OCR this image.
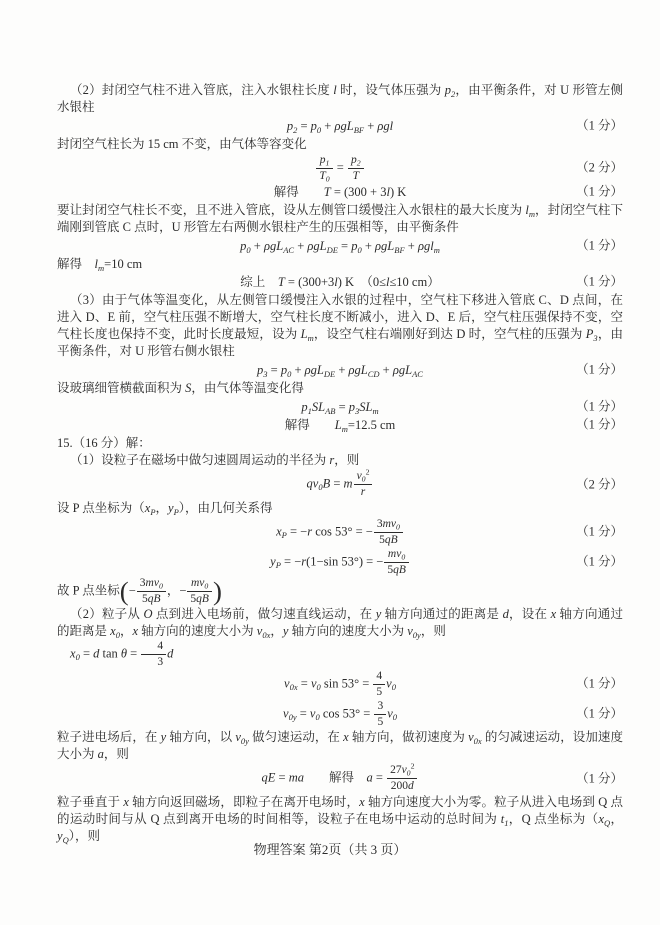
（2）封闭空气柱不进入管底，注入水银柱长度 l 时，设气体压强为 $p_2$，由平衡条件，对 U 形管左侧水银柱
$p_2 = p_0 + \rho gL_{BF} + \rho gl$	（1 分）
封闭空气柱长为 15 cm 不变，由气体等容变化
$\frac{p_1}{T_0} = \frac{p_2}{T}$	（2 分）
解得　　T = (300 + 3l) K	（1 分）
要让封闭空气柱长不变，且不进入管底，设从左侧管口缓慢注入水银柱的最大长度为 $l_m$，封闭空气柱下端刚到管底 C 点时，U 形管左右两侧水银柱产生的压强相等，由平衡条件
$p_0 + \rho gL_{AC} + \rho gL_{DE} = p_0 + \rho gL_{BF} + \rho gl_m$	（1 分）
解得　$l_m=10$ cm
综上　T = (300+3l) K　（0≤l≤10 cm）	（1 分）
（3）由于气体等温变化，从左侧管口缓慢注入水银的过程中，空气柱下移进入管底 C、D 点间，在进入 D、E 前，空气柱压强不断增大，空气柱长度不断减小，进入 D、E 后，空气柱压强保持不变，空气柱长度也保持不变，此时长度最短，设为 $L_m$，设空气柱右端刚好到达 D 时，空气柱的压强为 $P_3$，由平衡条件，对 U 形管右侧水银柱
$p_3 = p_0 + \rho gL_{DE} + \rho gL_{CD} + \rho gL_{AC}$	（1 分）
设玻璃细管横截面积为 S，由气体等温变化得
$p_1SL_{AB} = p_3SL_m$	（1 分）
解得　　$L_m=12.5$ cm	（1 分）
15.（16 分）解：
（1）设粒子在磁场中做匀速圆周运动的半径为 r，则
$qv_0B = m \frac{v_0^2}{r}$	（2 分）
设 P 点坐标为（$x_P$，$y_P$），由几何关系得
$x_P = -r$ cos 53° = − $\frac{3mv_0}{5qB}$	（1 分）
$y_P = -r(1-\sin$ 53°) = − $\frac{mv_0}{5qB}$	（1 分）
故 P 点坐标(− $\frac{3mv_0}{5qB}$ ，− $\frac{mv_0}{5qB}$ )
（2）粒子从 O 点到进入电场前，做匀速直线运动，在 y 轴方向通过的距离是 d，设在 x 轴方向通过的距离是 $x_0$，x 轴方向的速度大小为 $v_{0x}$，y 轴方向的速度大小为 $v_{0y}$，则
$x_0 = d$ $\tan \theta = \frac{4}{3}$ d
$v_{0x} = v_0$ $\sin 53^\circ = \frac{4}{5} v_0$	（1 分）
$v_{0y} = v_0$ $\cos 53^\circ = \frac{3}{5} v_0$	（1 分）
粒子进电场后，在 y 轴方向，以 $v_{0y}$ 做匀速运动，在 x 轴方向，做初速度为 $v_{0x}$ 的匀减速运动，设加速度大小为 a，则
qE = ma　　解得　$a = \frac{27v_0^2}{200d}$	（1 分）
粒子垂直于 x 轴方向返回磁场，即粒子在离开电场时，x 轴方向速度大小为零。粒子从进入电场到 Q 点的运动时间与从 Q 点到离开电场的时间相等，设粒子在电场中运动的总时间为 $t_1$，Q 点坐标为（$x_Q$，$y_Q$），则
物理答案 第2页（共 3 页）
